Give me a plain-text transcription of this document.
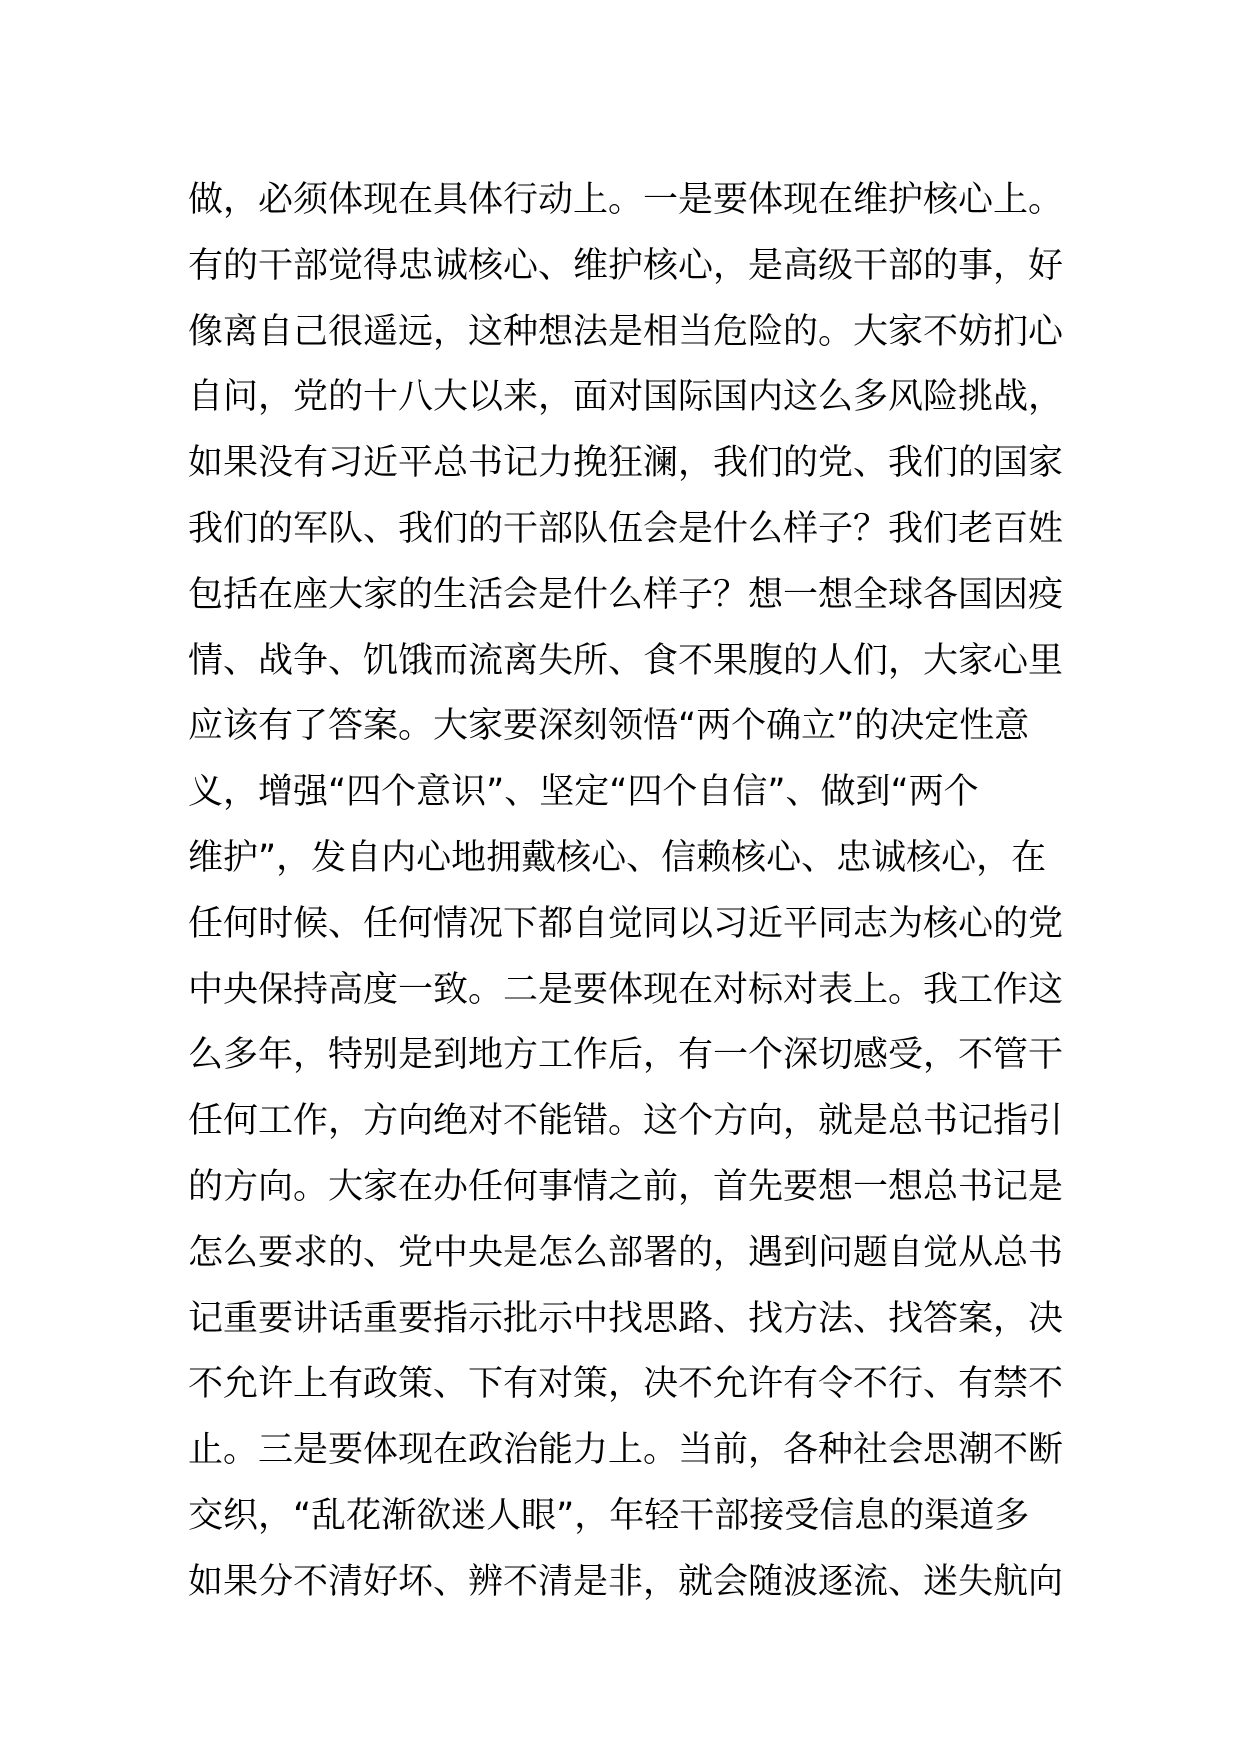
做，必须体现在具体行动上。一是要体现在维护核心上。
有的干部觉得忠诚核心、维护核心，是高级干部的事，好
像离自己很遥远，这种想法是相当危险的。大家不妨扪心
自问，党的十八大以来，面对国际国内这么多风险挑战，
如果没有习近平总书记力挽狂澜，我们的党、我们的国家
我们的军队、我们的干部队伍会是什么样子？我们老百姓
包括在座大家的生活会是什么样子？想一想全球各国因疫
情、战争、饥饿而流离失所、食不果腹的人们，大家心里
应该有了答案。大家要深刻领悟“两个确立”的决定性意
义，增强“四个意识”、坚定“四个自信”、做到“两个
维护”，发自内心地拥戴核心、信赖核心、忠诚核心，在
任何时候、任何情况下都自觉同以习近平同志为核心的党
中央保持高度一致。二是要体现在对标对表上。我工作这
么多年，特别是到地方工作后，有一个深切感受，不管干
任何工作，方向绝对不能错。这个方向，就是总书记指引
的方向。大家在办任何事情之前，首先要想一想总书记是
怎么要求的、党中央是怎么部署的，遇到问题自觉从总书
记重要讲话重要指示批示中找思路、找方法、找答案，决
不允许上有政策、下有对策，决不允许有令不行、有禁不
止。三是要体现在政治能力上。当前，各种社会思潮不断
交织，“乱花渐欲迷人眼”，年轻干部接受信息的渠道多
如果分不清好坏、辨不清是非，就会随波逐流、迷失航向
